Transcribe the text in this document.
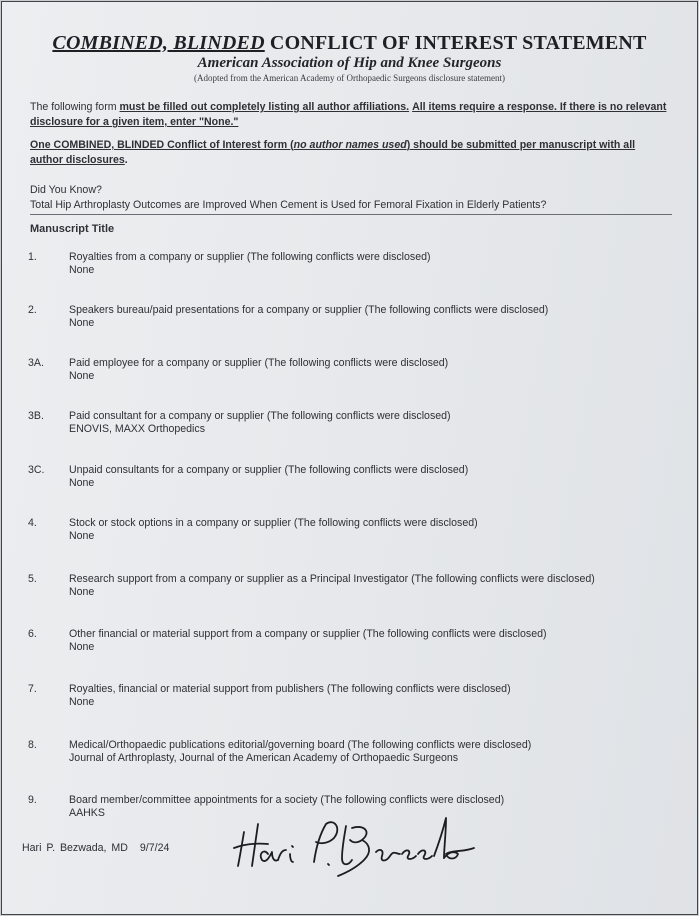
COMBINED, BLINDED CONFLICT OF INTEREST STATEMENT
American Association of Hip and Knee Surgeons
(Adopted from the American Academy of Orthopaedic Surgeons disclosure statement)
The following form must be filled out completely listing all author affiliations. All items require a response. If there is no relevant disclosure for a given item, enter "None."
One COMBINED, BLINDED Conflict of Interest form (no author names used) should be submitted per manuscript with all author disclosures.
Did You Know?
Total Hip Arthroplasty Outcomes are Improved When Cement is Used for Femoral Fixation in Elderly Patients?
Manuscript Title
1.	Royalties from a company or supplier (The following conflicts were disclosed)
None
2.	Speakers bureau/paid presentations for a company or supplier (The following conflicts were disclosed)
None
3A. Paid employee for a company or supplier (The following conflicts were disclosed)
None
3B. Paid consultant for a company or supplier (The following conflicts were disclosed)
ENOVIS, MAXX Orthopedics
3C. Unpaid consultants for a company or supplier (The following conflicts were disclosed)
None
4.	Stock or stock options in a company or supplier (The following conflicts were disclosed)
None
5.	Research support from a company or supplier as a Principal Investigator (The following conflicts were disclosed)
None
6.	Other financial or material support from a company or supplier (The following conflicts were disclosed)
None
7.	Royalties, financial or material support from publishers (The following conflicts were disclosed)
None
8.	Medical/Orthopaedic publications editorial/governing board (The following conflicts were disclosed)
Journal of Arthroplasty, Journal of the American Academy of Orthopaedic Surgeons
9.	Board member/committee appointments for a society (The following conflicts were disclosed)
AAHKS
Hari P. Bezwada, MD 9/7/24
